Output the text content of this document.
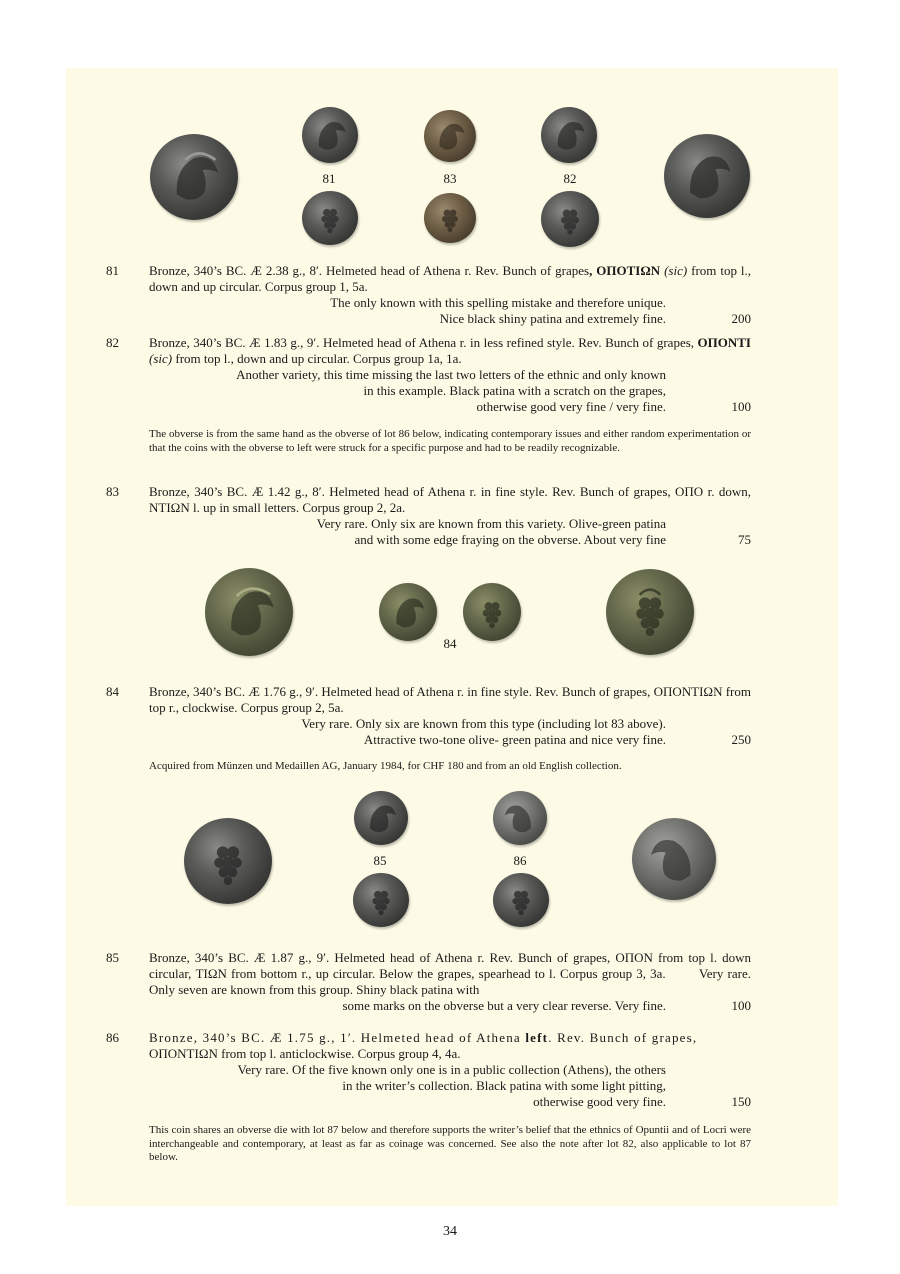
81	83	82
81 Bronze, 340’s BC. Æ 2.38 g., 8′. Helmeted head of Athena r. Rev. Bunch of grapes, ΟΠΟΤΙΩΝ (sic) from top l., down and up circular. Corpus group 1, 5a.
The only known with this spelling mistake and therefore unique.
Nice black shiny patina and extremely fine.	200
82 Bronze, 340’s BC. Æ 1.83 g., 9′. Helmeted head of Athena r. in less refined style. Rev. Bunch of grapes, ΟΠΟΝΤΙ (sic) from top l., down and up circular. Corpus group 1a, 1a.
Another variety, this time missing the last two letters of the ethnic and only known
in this example. Black patina with a scratch on the grapes,
otherwise good very fine / very fine.	100
The obverse is from the same hand as the obverse of lot 86 below, indicating contemporary issues and either random experimentation or that the coins with the obverse to left were struck for a specific purpose and had to be readily recognizable.
83 Bronze, 340’s BC. Æ 1.42 g., 8′. Helmeted head of Athena r. in fine style. Rev. Bunch of grapes, ΟΠΟ r. down, ΝΤΙΩΝ l. up in small letters. Corpus group 2, 2a.
Very rare. Only six are known from this variety. Olive-green patina
and with some edge fraying on the obverse. About very fine	75
84
84 Bronze, 340’s BC. Æ 1.76 g., 9′. Helmeted head of Athena r. in fine style. Rev. Bunch of grapes, ΟΠΟΝΤΙΩΝ from top r., clockwise. Corpus group 2, 5a.
Very rare. Only six are known from this type (including lot 83 above).
Attractive two-tone olive- green patina and nice very fine.	250
Acquired from Münzen und Medaillen AG, January 1984, for CHF 180 and from an old English collection.
85	86
85 Bronze, 340’s BC. Æ 1.87 g., 9′. Helmeted head of Athena r. Rev. Bunch of grapes, ΟΠΟΝ from top l. down circular, ΤΙΩΝ from bottom r., up circular. Below the grapes, spearhead to l. Corpus group 3, 3a.	Very rare. Only seven are known from this group. Shiny black patina with
some marks on the obverse but a very clear reverse. Very fine.	100
86 Bronze, 340’s BC. Æ 1.75 g., 1′. Helmeted head of Athena left. Rev. Bunch of grapes,
ΟΠΟΝΤΙΩΝ from top l. anticlockwise. Corpus group 4, 4a.
Very rare. Of the five known only one is in a public collection (Athens), the others
in the writer’s collection. Black patina with some light pitting,
otherwise good very fine.	150
This coin shares an obverse die with lot 87 below and therefore supports the writer’s belief that the ethnics of Opuntii and of Locri were interchangeable and contemporary, at least as far as coinage was concerned. See also the note after lot 82, also applicable to lot 87 below.
34
